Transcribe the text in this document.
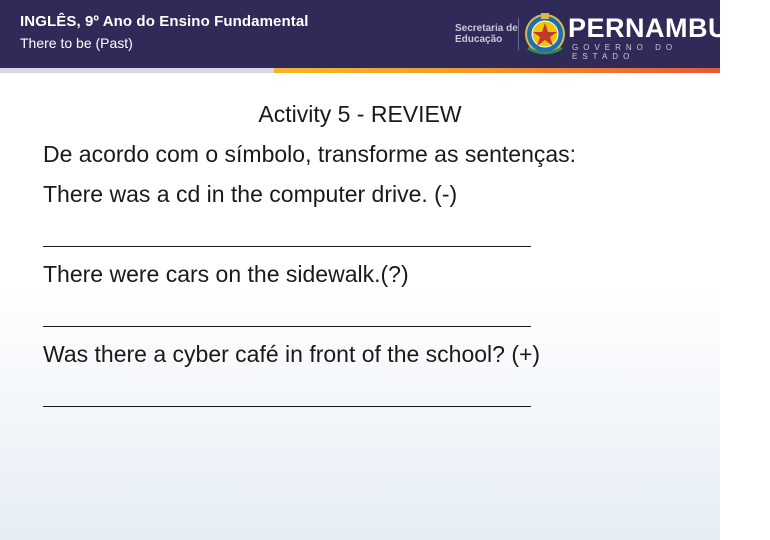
INGLÊS, 9º Ano do Ensino Fundamental
There to be (Past)
Secretaria de
Educação	PERNAMBUCO
GOVERNO DO ESTADO
Activity 5 - REVIEW
De acordo com o símbolo, transforme as sentenças:
There was a cd in the computer drive. (-)
There were cars on the sidewalk.(?)
Was there a cyber café in front of the school? (+)
